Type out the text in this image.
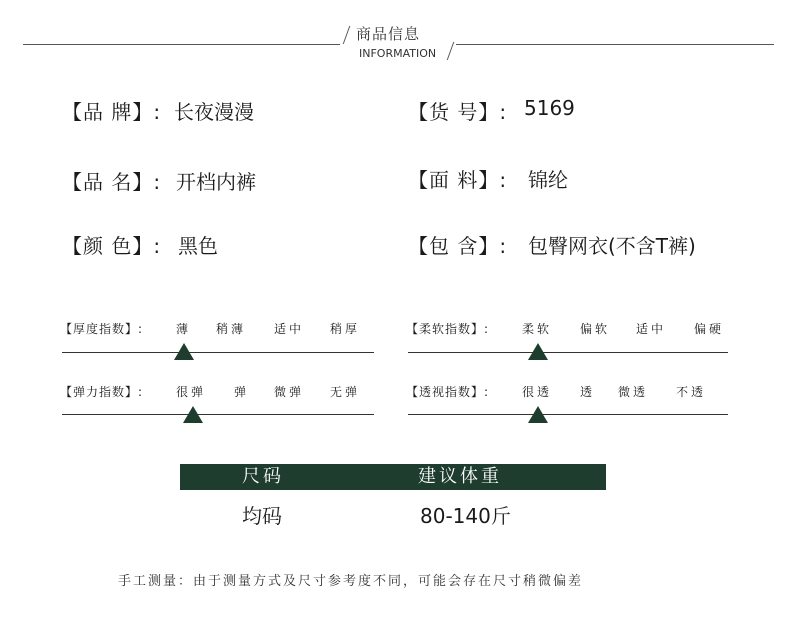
商品信息
INFORMATION
【品 牌】: 长夜漫漫	【货 号】: 5169
【品 名】: 开档内裤	【面 料】: 锦纶
【颜 色】: 黑色	【包 含】: 包臀网衣(不含T裤)
【厚度指数】:	薄 稍薄 适中 稍厚	【柔软指数】:	柔软 偏软 适中 偏硬
【弹力指数】:	很弹 弹 微弹 无弹	【透视指数】:	很透 透 微透 不透
尺码	建议体重
均码	80-140斤
手工测量：由于测量方式及尺寸参考度不同，可能会存在尺寸稍微偏差
